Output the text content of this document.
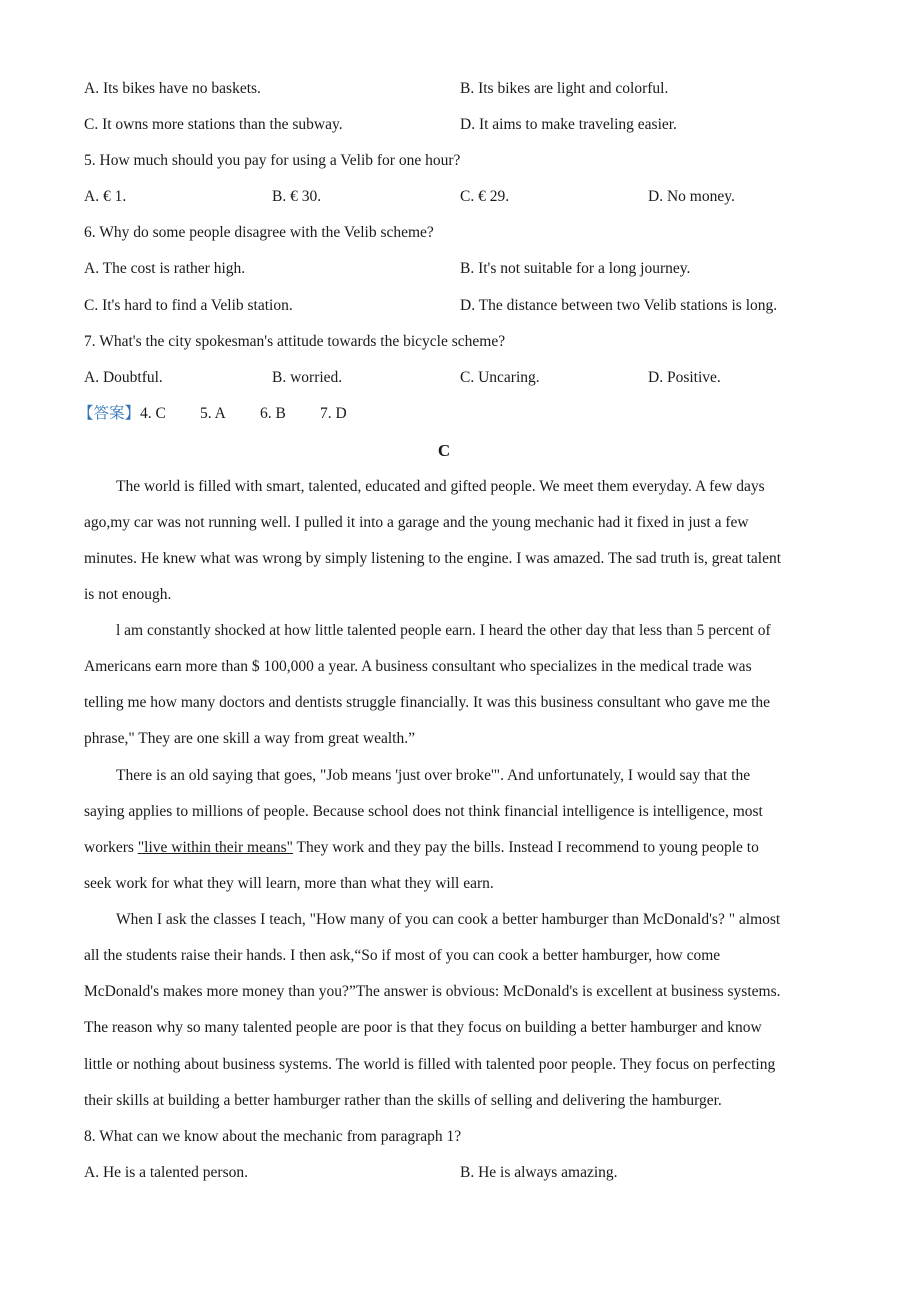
A. Its bikes have no baskets.	B. Its bikes are light and colorful.
C. It owns more stations than the subway.	D. It aims to make traveling easier.
5. How much should you pay for using a Velib for one hour?
A. € 1.	B. € 30.	C. € 29.	D. No money.
6. Why do some people disagree with the Velib scheme?
A. The cost is rather high.	B. It's not suitable for a long journey.
C. It's hard to find a Velib station.	D. The distance between two Velib stations is long.
7. What's the city spokesman's attitude towards the bicycle scheme?
A. Doubtful.	B. worried.	C. Uncaring.	D. Positive.
【答案】4. C 5. A 6. B 7. D
C
The world is filled with smart, talented, educated and gifted people. We meet them everyday. A few days
ago,my car was not running well. I pulled it into a garage and the young mechanic had it fixed in just a few
minutes. He knew what was wrong by simply listening to the engine. I was amazed. The sad truth is, great talent
is not enough.
l am constantly shocked at how little talented people earn. I heard the other day that less than 5 percent of
Americans earn more than $ 100,000 a year. A business consultant who specializes in the medical trade was
telling me how many doctors and dentists struggle financially. It was this business consultant who gave me the
phrase," They are one skill a way from great wealth.”
There is an old saying that goes, "Job means 'just over broke'". And unfortunately, I would say that the
saying applies to millions of people. Because school does not think financial intelligence is intelligence, most
workers "live within their means" They work and they pay the bills. Instead I recommend to young people to
seek work for what they will learn, more than what they will earn.
When I ask the classes I teach, "How many of you can cook a better hamburger than McDonald's? " almost
all the students raise their hands. I then ask,“So if most of you can cook a better hamburger, how come
McDonald's makes more money than you?”The answer is obvious: McDonald's is excellent at business systems.
The reason why so many talented people are poor is that they focus on building a better hamburger and know
little or nothing about business systems. The world is filled with talented poor people. They focus on perfecting
their skills at building a better hamburger rather than the skills of selling and delivering the hamburger.
8. What can we know about the mechanic from paragraph 1?
A. He is a talented person.	B. He is always amazing.
